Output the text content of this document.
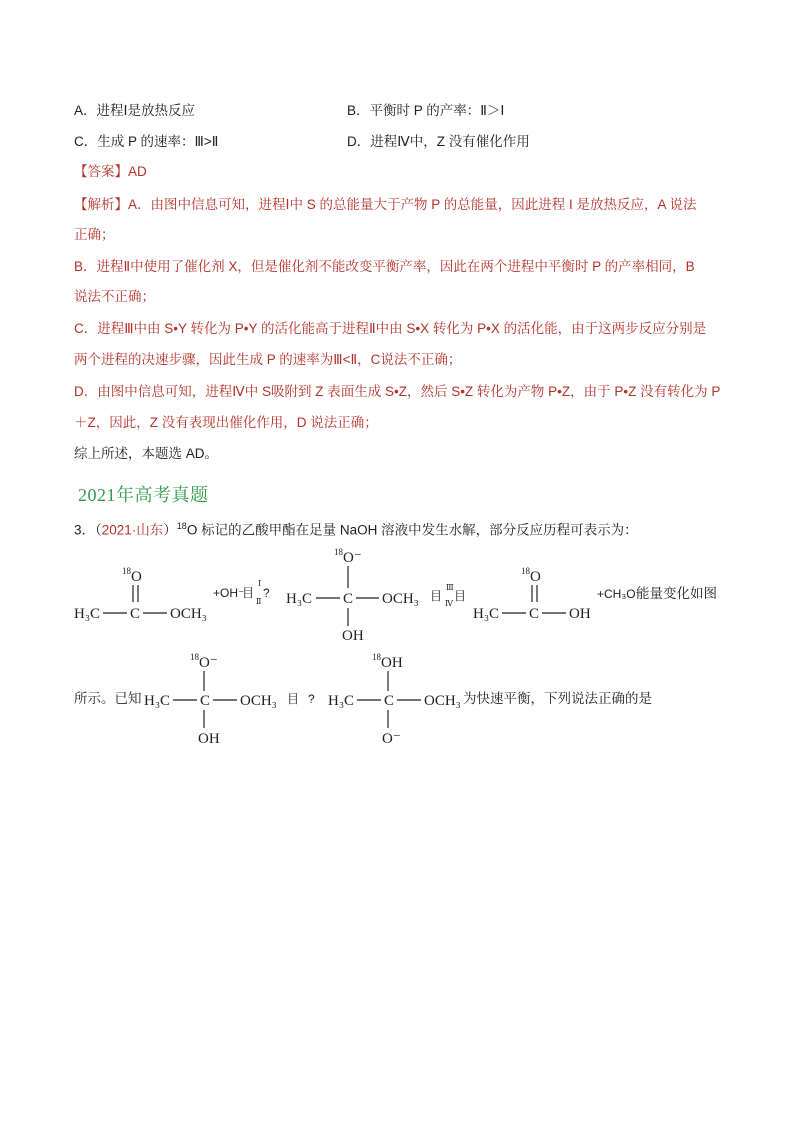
A．进程Ⅰ是放热反应	B．平衡时 P 的产率：Ⅱ＞Ⅰ
C．生成 P 的速率：Ⅲ>Ⅱ	D．进程Ⅳ中，Z 没有催化作用
【答案】AD
【解析】A．由图中信息可知，进程Ⅰ中 S 的总能量大于产物 P 的总能量，因此进程 I 是放热反应，A 说法
正确；
B．进程Ⅱ中使用了催化剂 X，但是催化剂不能改变平衡产率，因此在两个进程中平衡时 P 的产率相同，B
说法不正确；
C．进程Ⅲ中由 S•Y 转化为 P•Y 的活化能高于进程Ⅱ中由 S•X 转化为 P•X 的活化能，由于这两步反应分别是
两个进程的决速步骤，因此生成 P 的速率为Ⅲ<Ⅱ，C说法不正确；
D．由图中信息可知，进程Ⅳ中 S吸附到 Z 表面生成 S•Z，然后 S•Z 转化为产物 P•Z，由于 P•Z 没有转化为 P
＋Z，因此，Z 没有表现出催化作用，D 说法正确；
综上所述，本题选 AD。
2021年高考真题
3．（2021·山东）$^{18}$O 标记的乙酸甲酯在足量 NaOH 溶液中发生水解，部分反应历程可表示为：
18 O
H₃C C OCH₃
+OH⁻
目
Ⅰ
Ⅱ
?
18 O⁻
H₃C C OCH₃
OH
目
Ⅲ
Ⅳ
目
18 O
H₃C C OH
+CH₃O⁻
能量变化如图
所示。已知
18 O⁻
H₃C C OCH₃
OH
目 ?
18 OH
H₃C C OCH₃
O⁻
为快速平衡，下列说法正确的是
